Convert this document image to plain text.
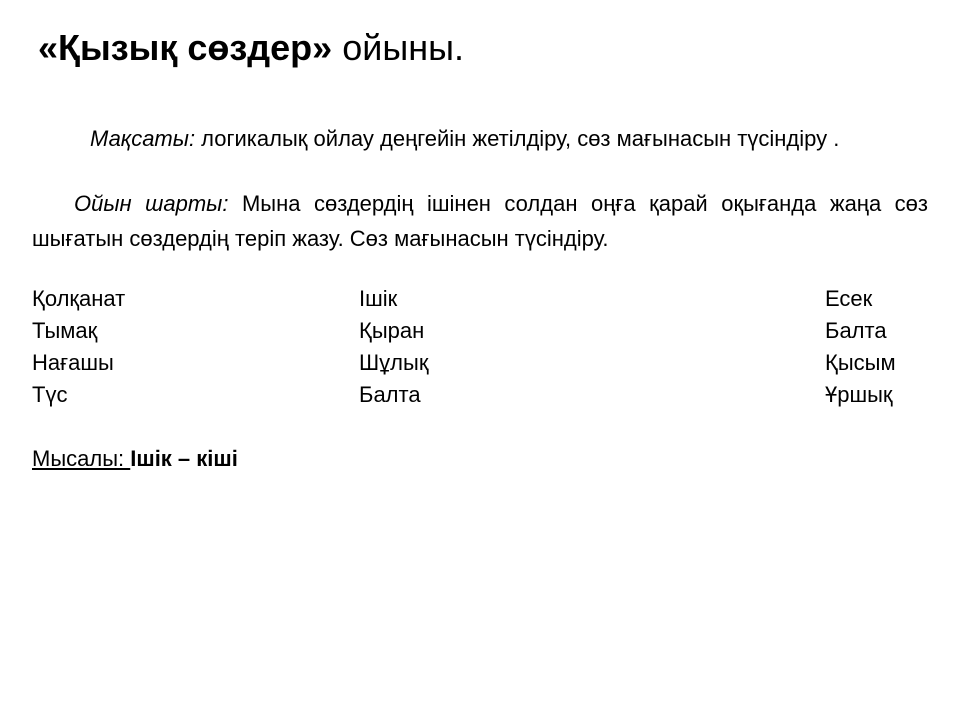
«Қызық сөздер» ойыны.
Мақсаты: логикалық ойлау деңгейін жетілдіру, сөз мағынасын түсіндіру .
Ойын шарты: Мына сөздердің ішінен солдан оңға қарай оқығанда жаңа сөз шығатын сөздердің теріп жазу. Сөз мағынасын түсіндіру.
Қолқанат	Ішік	Есек
Тымақ	Қыран	Балта
Нағашы	Шұлық	Қысым
Түс	Балта	Ұршық
Мысалы: Ішік – кіші
